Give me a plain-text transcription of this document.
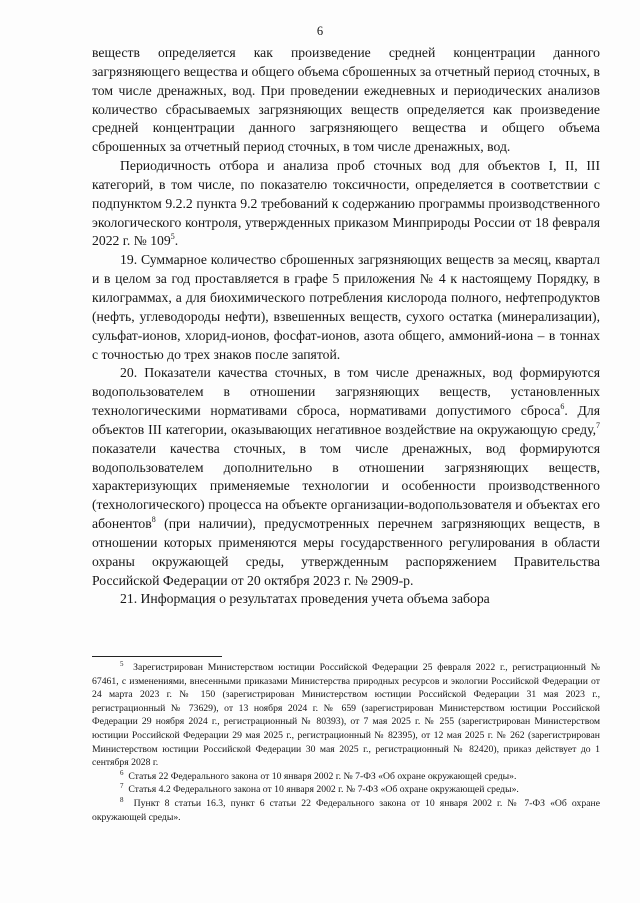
6

веществ определяется как произведение средней концентрации данного загрязняющего вещества и общего объема сброшенных за отчетный период сточных, в том числе дренажных, вод. При проведении ежедневных и периодических анализов количество сбрасываемых загрязняющих веществ определяется как произведение средней концентрации данного загрязняющего вещества и общего объема сброшенных за отчетный период сточных, в том числе дренажных, вод.

Периодичность отбора и анализа проб сточных вод для объектов I, II, III категорий, в том числе, по показателю токсичности, определяется в соответствии с подпунктом 9.2.2 пункта 9.2 требований к содержанию программы производственного экологического контроля, утвержденных приказом Минприроды России от 18 февраля 2022 г. № $109^5$.

19. Суммарное количество сброшенных загрязняющих веществ за месяц, квартал и в целом за год проставляется в графе 5 приложения № 4 к настоящему Порядку, в килограммах, а для биохимического потребления кислорода полного, нефтепродуктов (нефть, углеводороды нефти), взвешенных веществ, сухого остатка (минерализации), сульфат-ионов, хлорид-ионов, фосфат-ионов, азота общего, аммоний-иона – в тоннах с точностью до трех знаков после запятой.

20. Показатели качества сточных, в том числе дренажных, вод формируются водопользователем в отношении загрязняющих веществ, установленных технологическими нормативами сброса, нормативами допустимого сброса$^6$. Для объектов III категории, оказывающих негативное воздействие на окружающую среду,$^7$ показатели качества сточных, в том числе дренажных, вод формируются водопользователем дополнительно в отношении загрязняющих веществ, характеризующих применяемые технологии и особенности производственного (технологического) процесса на объекте организации-водопользователя и объектах его абонентов$^8$ (при наличии), предусмотренных перечнем загрязняющих веществ, в отношении которых применяются меры государственного регулирования в области охраны окружающей среды, утвержденным распоряжением Правительства Российской Федерации от 20 октября 2023 г. № 2909-р.

21. Информация о результатах проведения учета объема забора

$^5$ Зарегистрирован Министерством юстиции Российской Федерации 25 февраля 2022 г., регистрационный № 67461, с изменениями, внесенными приказами Министерства природных ресурсов и экологии Российской Федерации от 24 марта 2023 г. № 150 (зарегистрирован Министерством юстиции Российской Федерации 31 мая 2023 г., регистрационный № 73629), от 13 ноября 2024 г. № 659 (зарегистрирован Министерством юстиции Российской Федерации 29 ноября 2024 г., регистрационный № 80393), от 7 мая 2025 г. № 255 (зарегистрирован Министерством юстиции Российской Федерации 29 мая 2025 г., регистрационный № 82395), от 12 мая 2025 г. № 262 (зарегистрирован Министерством юстиции Российской Федерации 30 мая 2025 г., регистрационный № 82420), приказ действует до 1 сентября 2028 г.

$^6$ Статья 22 Федерального закона от 10 января 2002 г. № 7-ФЗ «Об охране окружающей среды».

$^7$ Статья 4.2 Федерального закона от 10 января 2002 г. № 7-ФЗ «Об охране окружающей среды».

$^8$ Пункт 8 статьи 16.3, пункт 6 статьи 22 Федерального закона от 10 января 2002 г. № 7-ФЗ «Об охране окружающей среды».
